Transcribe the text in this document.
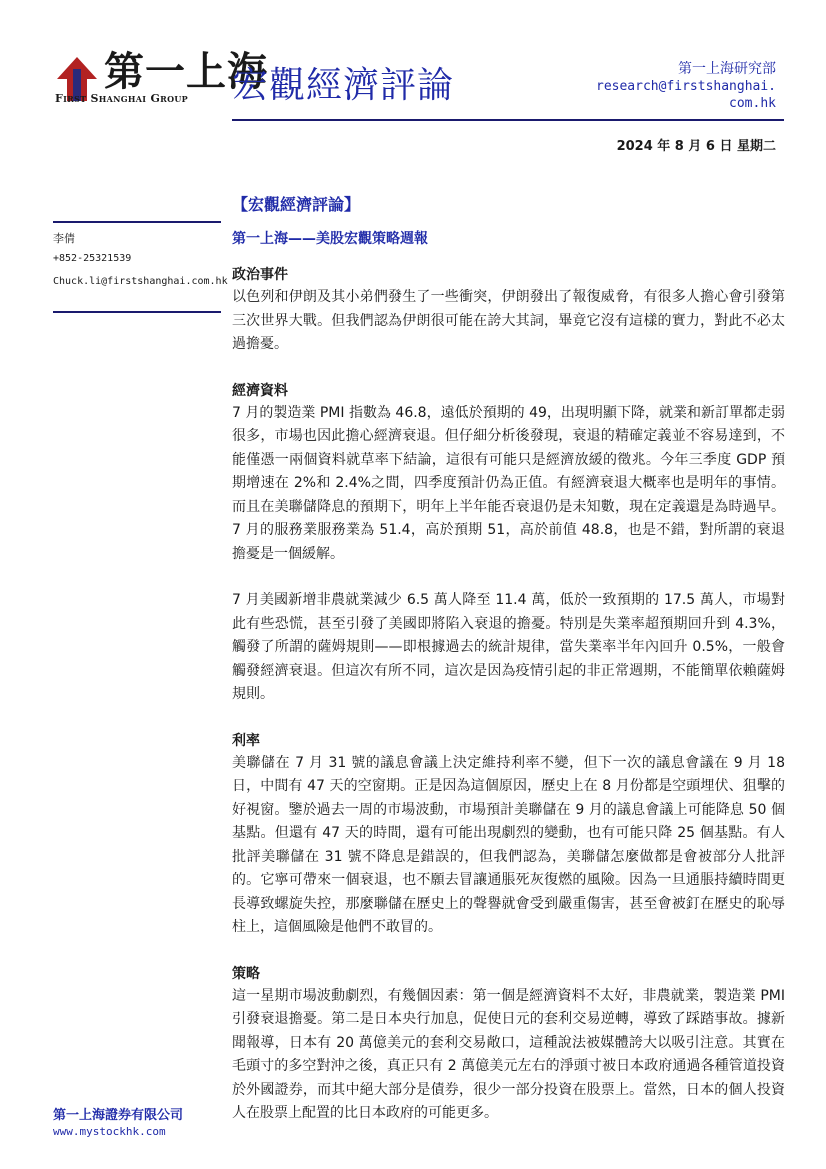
第一上海
First Shanghai Group 宏觀經濟評論	第一上海研究部
research@firstshanghai.com.hk
2024 年 8 月 6 日 星期二
【宏觀經濟評論】
李倩
+852-25321539
Chuck.li@firstshanghai.com.hk
第一上海——美股宏觀策略週報

政治事件

以色列和伊朗及其小弟們發生了一些衝突，伊朗發出了報復威脅，有很多人擔心會引發第三次世界大戰。但我們認為伊朗很可能在誇大其詞，畢竟它沒有這樣的實力，對此不必太過擔憂。

經濟資料

7 月的製造業 PMI 指數為 46.8，遠低於預期的 49，出現明顯下降，就業和新訂單都走弱很多，市場也因此擔心經濟衰退。但仔細分析後發現，衰退的精確定義並不容易達到，不能僅憑一兩個資料就草率下結論，這很有可能只是經濟放緩的徵兆。今年三季度 GDP 預期增速在 2%和 2.4%之間，四季度預計仍為正值。有經濟衰退大概率也是明年的事情。而且在美聯儲降息的預期下，明年上半年能否衰退仍是未知數，現在定義還是為時過早。7 月的服務業服務業為 51.4，高於預期 51，高於前值 48.8，也是不錯，對所謂的衰退擔憂是一個緩解。

7 月美國新增非農就業減少 6.5 萬人降至 11.4 萬，低於一致預期的 17.5 萬人，市場對此有些恐慌，甚至引發了美國即將陷入衰退的擔憂。特別是失業率超預期回升到 4.3%，觸發了所謂的薩姆規則——即根據過去的統計規律，當失業率半年內回升 0.5%，一般會觸發經濟衰退。但這次有所不同，這次是因為疫情引起的非正常週期，不能簡單依賴薩姆規則。

利率

美聯儲在 7 月 31 號的議息會議上決定維持利率不變，但下一次的議息會議在 9 月 18 日，中間有 47 天的空窗期。正是因為這個原因，歷史上在 8 月份都是空頭埋伏、狙擊的好視窗。鑒於過去一周的市場波動，市場預計美聯儲在 9 月的議息會議上可能降息 50 個基點。但還有 47 天的時間，還有可能出現劇烈的變動，也有可能只降 25 個基點。有人批評美聯儲在 31 號不降息是錯誤的，但我們認為，美聯儲怎麼做都是會被部分人批評的。它寧可帶來一個衰退，也不願去冒讓通脹死灰復燃的風險。因為一旦通脹持續時間更長導致螺旋失控，那麼聯儲在歷史上的聲譽就會受到嚴重傷害，甚至會被釘在歷史的恥辱柱上，這個風險是他們不敢冒的。

策略

這一星期市場波動劇烈，有幾個因素：第一個是經濟資料不太好，非農就業，製造業 PMI 引發衰退擔憂。第二是日本央行加息，促使日元的套利交易逆轉，導致了踩踏事故。據新聞報導，日本有 20 萬億美元的套利交易敞口，這種說法被媒體誇大以吸引注意。其實在毛頭寸的多空對沖之後，真正只有 2 萬億美元左右的淨頭寸被日本政府通過各種管道投資於外國證券，而其中絕大部分是債券，很少一部分投資在股票上。當然，日本的個人投資人在股票上配置的比日本政府的可能更多。

第一上海證券有限公司
www.mystockhk.com
